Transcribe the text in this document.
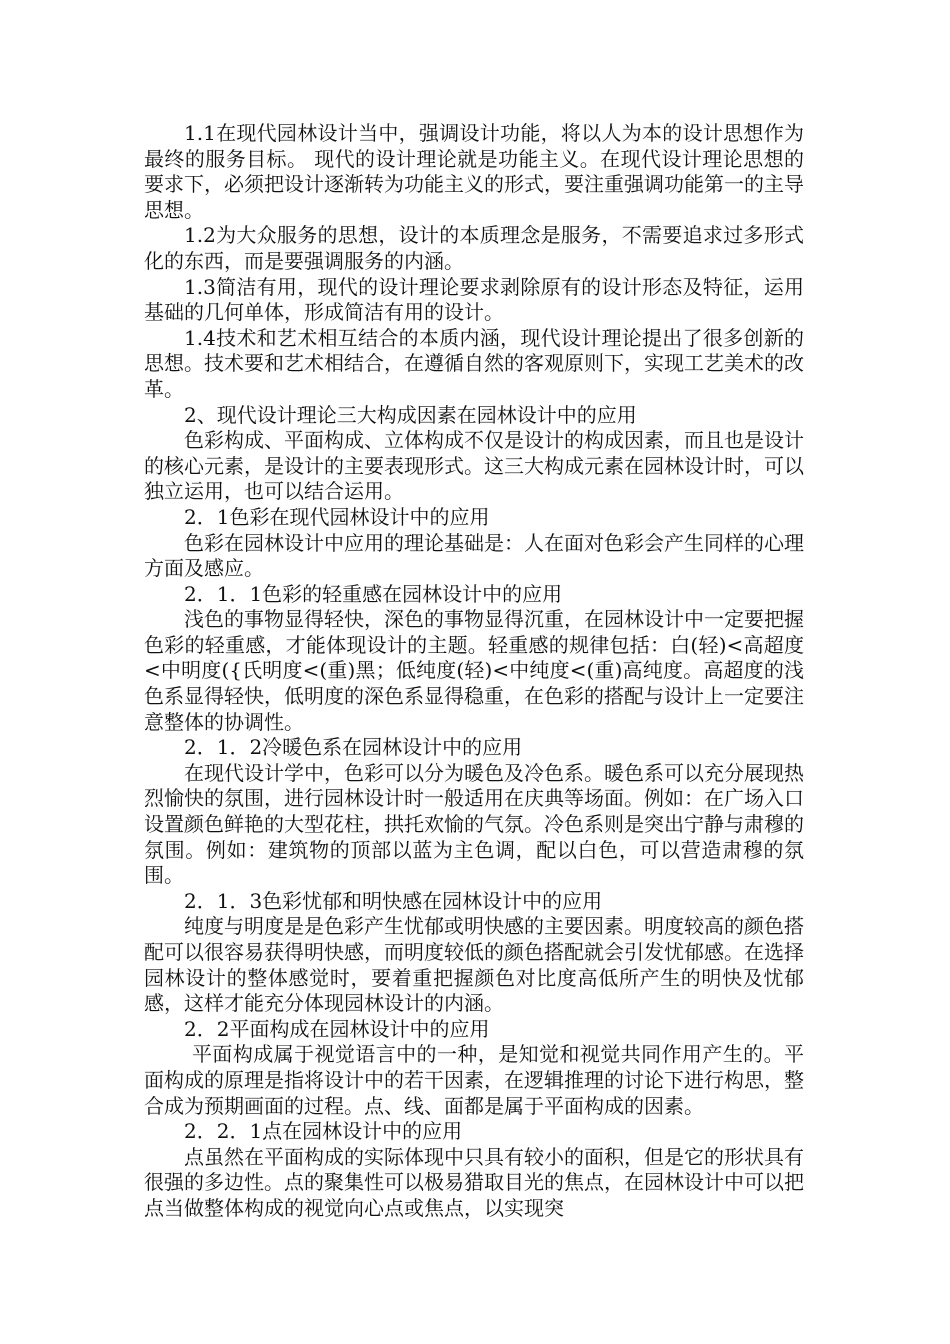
1.1在现代园林设计当中，强调设计功能，将以人为本的设计思想作为最终的服务目标。 现代的设计理论就是功能主义。在现代设计理论思想的要求下，必须把设计逐渐转为功能主义的形式，要注重强调功能第一的主导思想。

1.2为大众服务的思想，设计的本质理念是服务，不需要追求过多形式化的东西，而是要强调服务的内涵。

1.3简洁有用，现代的设计理论要求剥除原有的设计形态及特征，运用基础的几何单体，形成简洁有用的设计。

1.4技术和艺术相互结合的本质内涵，现代设计理论提出了很多创新的思想。技术要和艺术相结合，在遵循自然的客观原则下，实现工艺美术的改革。

2、现代设计理论三大构成因素在园林设计中的应用

色彩构成、平面构成、立体构成不仅是设计的构成因素，而且也是设计的核心元素，是设计的主要表现形式。这三大构成元素在园林设计时，可以独立运用，也可以结合运用。

2．1色彩在现代园林设计中的应用

色彩在园林设计中应用的理论基础是：人在面对色彩会产生同样的心理方面及感应。

2．1．1色彩的轻重感在园林设计中的应用

浅色的事物显得轻快，深色的事物显得沉重，在园林设计中一定要把握色彩的轻重感，才能体现设计的主题。轻重感的规律包括：白(轻)<高超度<中明度({氏明度<(重)黑；低纯度(轻)<中纯度<(重)高纯度。高超度的浅色系显得轻快，低明度的深色系显得稳重，在色彩的搭配与设计上一定要注意整体的协调性。

2．1．2冷暖色系在园林设计中的应用

在现代设计学中，色彩可以分为暖色及冷色系。暖色系可以充分展现热烈愉快的氛围，进行园林设计时一般适用在庆典等场面。例如：在广场入口设置颜色鲜艳的大型花柱，拱托欢愉的气氛。冷色系则是突出宁静与肃穆的氛围。例如：建筑物的顶部以蓝为主色调，配以白色，可以营造肃穆的氛围。

2．1．3色彩忧郁和明快感在园林设计中的应用

纯度与明度是是色彩产生忧郁或明快感的主要因素。明度较高的颜色搭配可以很容易获得明快感，而明度较低的颜色搭配就会引发忧郁感。在选择园林设计的整体感觉时，要着重把握颜色对比度高低所产生的明快及忧郁感，这样才能充分体现园林设计的内涵。

2．2平面构成在园林设计中的应用

平面构成属于视觉语言中的一种，是知觉和视觉共同作用产生的。平面构成的原理是指将设计中的若干因素，在逻辑推理的讨论下进行构思，整合成为预期画面的过程。点、线、面都是属于平面构成的因素。

2．2．1点在园林设计中的应用

点虽然在平面构成的实际体现中只具有较小的面积，但是它的形状具有很强的多边性。点的聚集性可以极易猎取目光的焦点，在园林设计中可以把点当做整体构成的视觉向心点或焦点，以实现突
